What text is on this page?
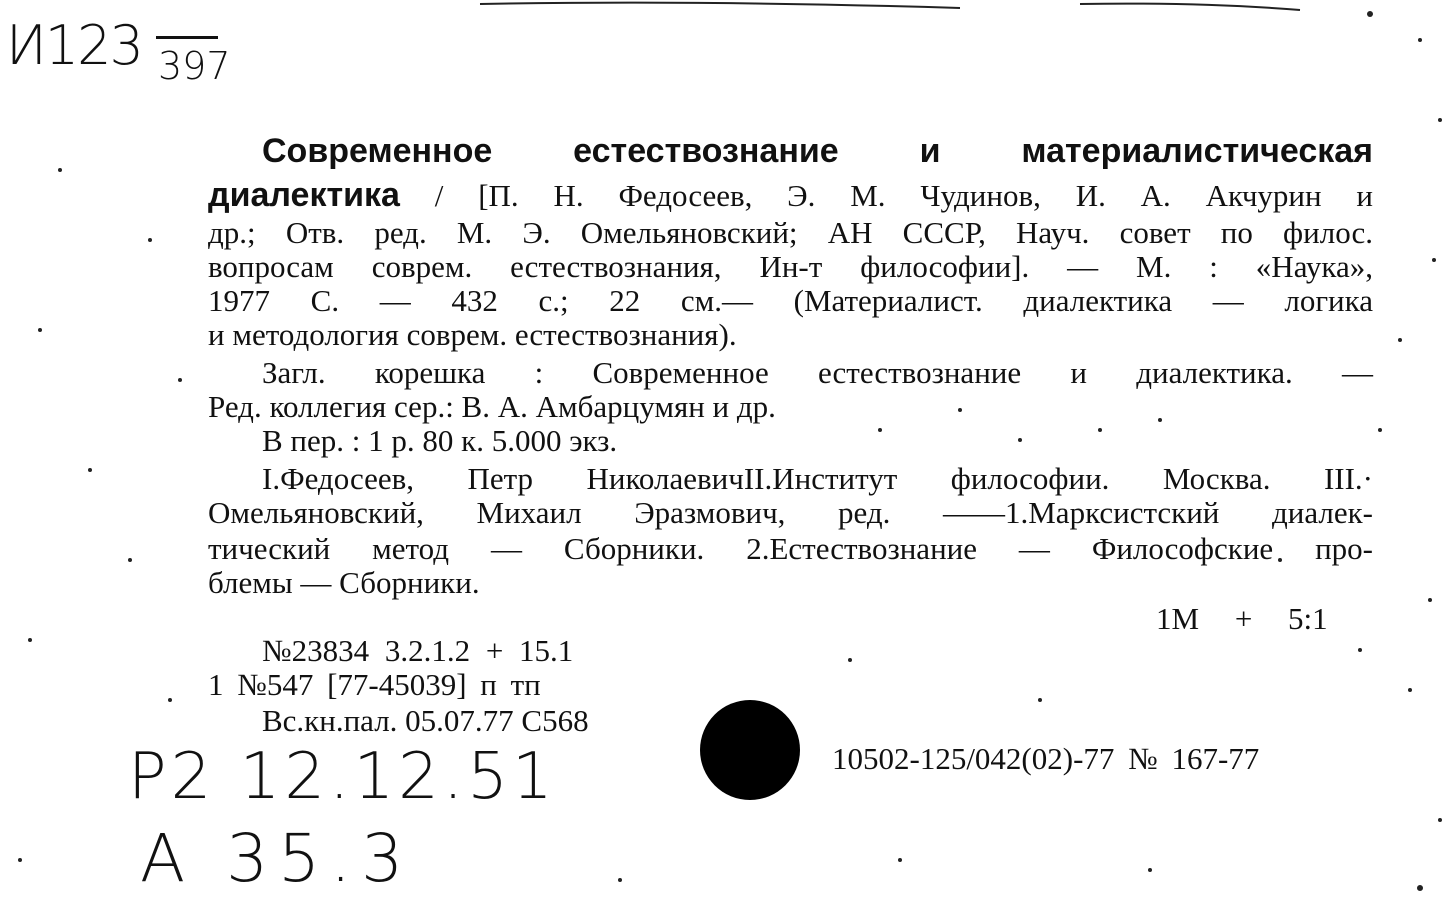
И123 397
Р2 12.12.51
А 35.3
Современное естествознание и материалистическая
диалектика / [П. Н. Федосеев, Э. М. Чудинов, И. А. Акчурин и
др.; Отв. ред. М. Э. Омельяновский; АН СССР, Науч. совет по филос.
вопросам соврем. естествознания, Ин-т философии]. — М. : «Наука»,
1977 С. — 432 с.; 22 см.— (Материалист. диалектика — логика
и методология соврем. естествознания).
Загл. корешка : Современное естествознание и диалектика. —
Ред. коллегия сер.: В. А. Амбарцумян и др.
В пер. : 1 р. 80 к. 5.000 экз.
I.Федосеев, Петр НиколаевичII.Институт философии. Москва. III.·
Омельяновский, Михаил Эразмович, ред. ——1.Марксистский диалек-
тический метод — Сборники. 2.Естествознание — Философские про-
блемы — Сборники.
1М + 5:1
№23834 3.2.1.2 + 15.1
1 №547 [77-45039] п тп
Вс.кн.пал. 05.07.77 С568
10502-125/042(02)-77 № 167-77
